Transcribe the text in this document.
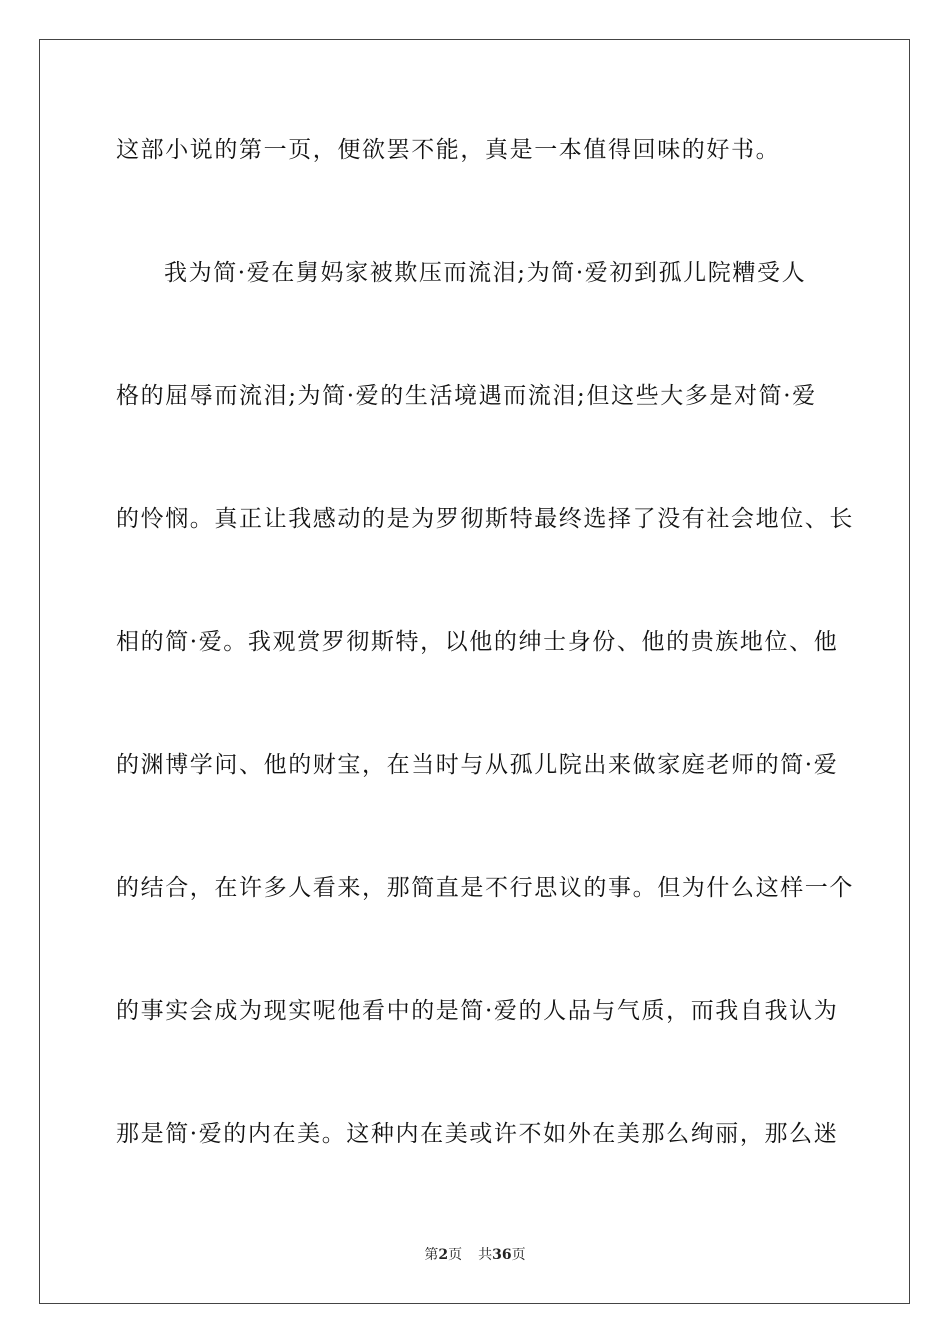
这部小说的第一页，便欲罢不能，真是一本值得回味的好书。
我为简·爱在舅妈家被欺压而流泪;为简·爱初到孤儿院糟受人
格的屈辱而流泪;为简·爱的生活境遇而流泪;但这些大多是对简·爱
的怜悯。真正让我感动的是为罗彻斯特最终选择了没有社会地位、长
相的简·爱。我观赏罗彻斯特，以他的绅士身份、他的贵族地位、他
的渊博学问、他的财宝，在当时与从孤儿院出来做家庭老师的简·爱
的结合，在许多人看来，那简直是不行思议的事。但为什么这样一个
的事实会成为现实呢他看中的是简·爱的人品与气质，而我自我认为
那是简·爱的内在美。这种内在美或许不如外在美那么绚丽，那么迷
第2页 共36页
